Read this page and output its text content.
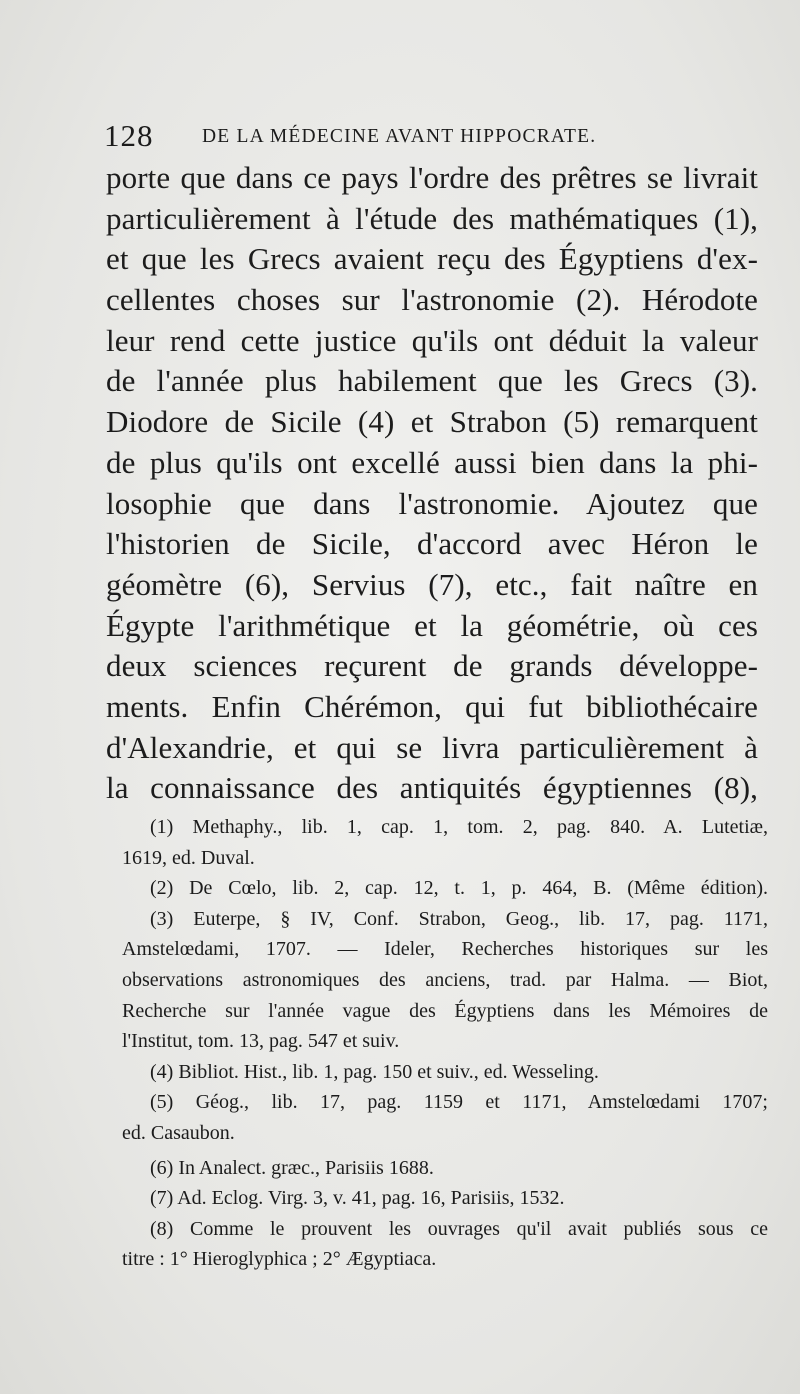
128 DE LA MÉDECINE AVANT HIPPOCRATE.
porte que dans ce pays l'ordre des prêtres se livrait
particulièrement à l'étude des mathématiques (1),
et que les Grecs avaient reçu des Égyptiens d'ex-
cellentes choses sur l'astronomie (2). Hérodote
leur rend cette justice qu'ils ont déduit la valeur
de l'année plus habilement que les Grecs (3).
Diodore de Sicile (4) et Strabon (5) remarquent
de plus qu'ils ont excellé aussi bien dans la phi-
losophie que dans l'astronomie. Ajoutez que
l'historien de Sicile, d'accord avec Héron le
géomètre (6), Servius (7), etc., fait naître en
Égypte l'arithmétique et la géométrie, où ces
deux sciences reçurent de grands développe-
ments. Enfin Chérémon, qui fut bibliothécaire
d'Alexandrie, et qui se livra particulièrement à
la connaissance des antiquités égyptiennes (8),
(1) Methaphy., lib. 1, cap. 1, tom. 2, pag. 840. A. Lutetiæ,
1619, ed. Duval.
(2) De Cœlo, lib. 2, cap. 12, t. 1, p. 464, B. (Même édition).
(3) Euterpe, § IV, Conf. Strabon, Geog., lib. 17, pag. 1171,
Amstelœdami, 1707. — Ideler, Recherches historiques sur les
observations astronomiques des anciens, trad. par Halma. — Biot,
Recherche sur l'année vague des Égyptiens dans les Mémoires de
l'Institut, tom. 13, pag. 547 et suiv.
(4) Bibliot. Hist., lib. 1, pag. 150 et suiv., ed. Wesseling.
(5) Géog., lib. 17, pag. 1159 et 1171, Amstelœdami 1707;
ed. Casaubon.
(6) In Analect. græc., Parisiis 1688.
(7) Ad. Eclog. Virg. 3, v. 41, pag. 16, Parisiis, 1532.
(8) Comme le prouvent les ouvrages qu'il avait publiés sous ce
titre : 1° Hieroglyphica ; 2° Ægyptiaca.
